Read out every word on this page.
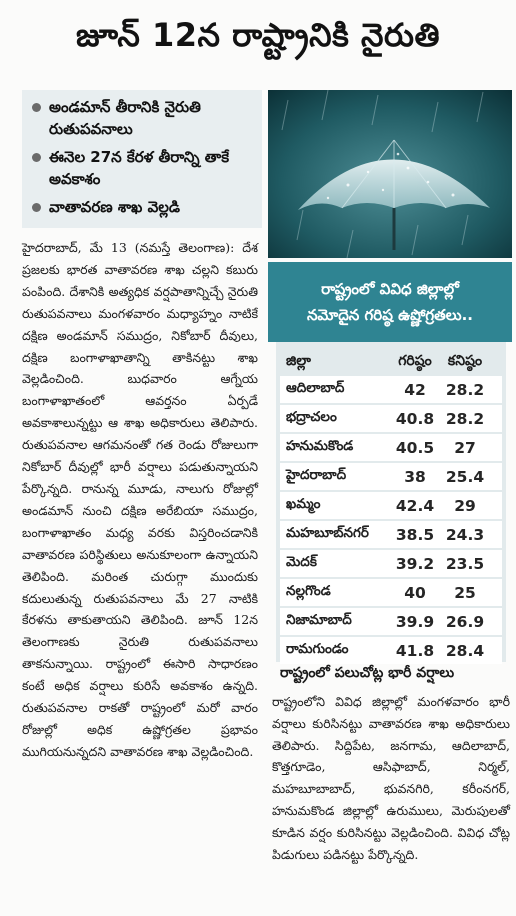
జూన్ 12న రాష్ట్రానికి నైరుతి
అండమాన్ తీరానికి నైరుతి రుతుపవనాలు
ఈనెల 27న కేరళ తీరాన్ని తాకే అవకాశం
వాతావరణ శాఖ వెల్లడి

హైదరాబాద్, మే 13 (నమస్తే తెలంగాణ): దేశ ప్రజలకు భారత వాతావరణ శాఖ చల్లని కబురు పంపింది. దేశానికి అత్యధిక వర్షపాతాన్నిచ్చే నైరుతి రుతుపవనాలు మంగళవారం మధ్యాహ్నం నాటికే దక్షిణ అండమాన్ సముద్రం, నికోబార్ దీవులు, దక్షిణ బంగాళాఖాతాన్ని తాకినట్టు శాఖ వెల్లడించింది. బుధవారం ఆగ్నేయ బంగాళాఖాతంలో ఆవర్తనం ఏర్పడే అవకాశాలున్నట్టు ఆ శాఖ అధికారులు తెలిపారు. రుతుపవనాల ఆగమనంతో గత రెండు రోజులుగా నికోబార్ దీవుల్లో భారీ వర్షాలు పడుతున్నాయని పేర్కొన్నది. రానున్న మూడు, నాలుగు రోజుల్లో అండమాన్ నుంచి దక్షిణ అరేబియా సముద్రం, బంగాళాఖాతం మధ్య వరకు విస్తరించడానికి వాతావరణ పరిస్థితులు అనుకూలంగా ఉన్నాయని తెలిపింది. మరింత చురుగ్గా ముందుకు కదులుతున్న రుతుపవనాలు మే 27 నాటికి కేరళను తాకుతాయని తెలిపింది. జూన్ 12న తెలంగాణకు నైరుతి రుతుపవనాలు తాకనున్నాయి. రాష్ట్రంలో ఈసారి సాధారణం కంటే అధిక వర్షాలు కురిసే అవకాశం ఉన్నది. రుతుపవనాల రాకతో రాష్ట్రంలో మరో వారం రోజుల్లో అధిక ఉష్ణోగ్రతల ప్రభావం ముగియనున్నదని వాతావరణ శాఖ వెల్లడించింది.

రాష్ట్రంలో వివిధ జిల్లాల్లో
నమోదైన గరిష్ఠ ఉష్ణోగ్రతలు..
జిల్లా	గరిష్ఠం	కనిష్ఠం
ఆదిలాబాద్	42	28.2
భద్రాచలం	40.8 28.2
హనుమకొండ	40.5	27
హైదరాబాద్	38	25.4
ఖమ్మం	42.4	29
మహబూబ్‌నగర్	38.5 24.3
మెదక్	39.2 23.5
నల్లగొండ	40	25
నిజామాబాద్	39.9 26.9
రామగుండం	41.8 28.4
రాష్ట్రంలో పలుచోట్ల భారీ వర్షాలు

రాష్ట్రంలోని వివిధ జిల్లాల్లో మంగళవారం భారీ వర్షాలు కురిసినట్టు వాతావరణ శాఖ అధికారులు తెలిపారు. సిద్దిపేట, జనగామ, ఆదిలాబాద్, కొత్తగూడెం, ఆసిఫాబాద్, నిర్మల్, మహబూబాబాద్, భువనగిరి, కరీంనగర్, హనుమకొండ జిల్లాల్లో ఉరుములు, మెరుపులతో కూడిన వర్షం కురిసినట్టు వెల్లడించింది. వివిధ చోట్ల పిడుగులు పడినట్టు పేర్కొన్నది.
